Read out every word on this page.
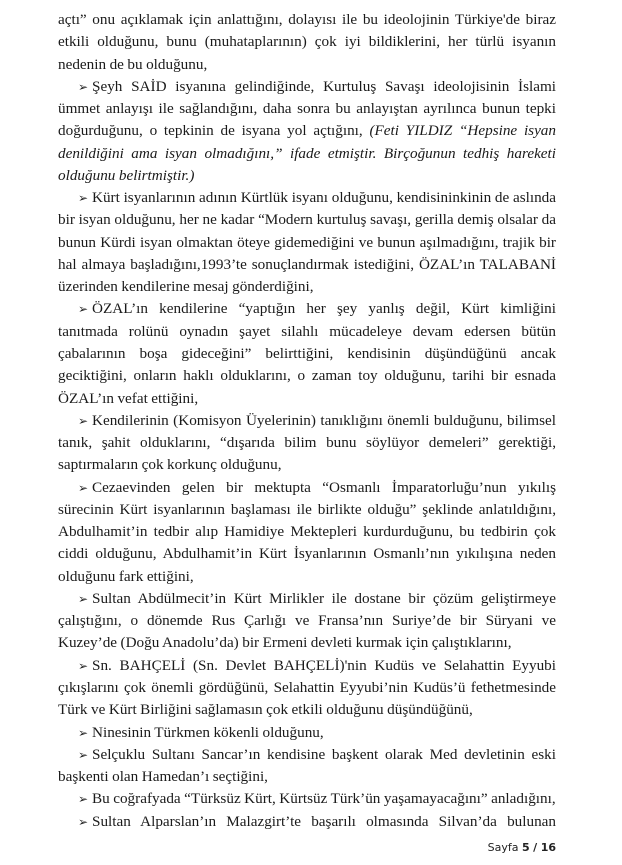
açtı” onu açıklamak için anlattığını, dolayısı ile bu ideolojinin Türkiye'de biraz etkili olduğunu, bunu (muhataplarının) çok iyi bildiklerini, her türlü isyanın nedenin de bu olduğunu,

➢ Şeyh SAİD isyanına gelindiğinde, Kurtuluş Savaşı ideolojisinin İslami ümmet anlayışı ile sağlandığını, daha sonra bu anlayıştan ayrılınca bunun tepki doğurduğunu, o tepkinin de isyana yol açtığını, (Feti YILDIZ “Hepsine isyan denildiğini ama isyan olmadığını,” ifade etmiştir. Birçoğunun tedhiş hareketi olduğunu belirtmiştir.)

➢ Kürt isyanlarının adının Kürtlük isyanı olduğunu, kendisininkinin de aslında bir isyan olduğunu, her ne kadar “Modern kurtuluş savaşı, gerilla demiş olsalar da bunun Kürdi isyan olmaktan öteye gidemediğini ve bunun aşılmadığını, trajik bir hal almaya başladığını,1993’te sonuçlandırmak istediğini, ÖZAL’ın TALABANİ üzerinden kendilerine mesaj gönderdiğini,

➢ ÖZAL’ın kendilerine “yaptığın her şey yanlış değil, Kürt kimliğini tanıtmada rolünü oynadın şayet silahlı mücadeleye devam edersen bütün çabalarının boşa gideceğini” belirttiğini, kendisinin düşündüğünü ancak geciktiğini, onların haklı olduklarını, o zaman toy olduğunu, tarihi bir esnada ÖZAL’ın vefat ettiğini,

➢ Kendilerinin (Komisyon Üyelerinin) tanıklığını önemli bulduğunu, bilimsel tanık, şahit olduklarını, “dışarıda bilim bunu söylüyor demeleri” gerektiği, saptırmaların çok korkunç olduğunu,

➢ Cezaevinden gelen bir mektupta “Osmanlı İmparatorluğu’nun yıkılış sürecinin Kürt isyanlarının başlaması ile birlikte olduğu” şeklinde anlatıldığını, Abdulhamit’in tedbir alıp Hamidiye Mektepleri kurdurduğunu, bu tedbirin çok ciddi olduğunu, Abdulhamit’in Kürt İsyanlarının Osmanlı’nın yıkılışına neden olduğunu fark ettiğini,

➢ Sultan Abdülmecit’in Kürt Mirlikler ile dostane bir çözüm geliştirmeye çalıştığını, o dönemde Rus Çarlığı ve Fransa’nın Suriye’de bir Süryani ve Kuzey’de (Doğu Anadolu’da) bir Ermeni devleti kurmak için çalıştıklarını,

➢ Sn. BAHÇELİ (Sn. Devlet BAHÇELİ)'nin Kudüs ve Selahattin Eyyubi çıkışlarını çok önemli gördüğünü, Selahattin Eyyubi’nin Kudüs’ü fethetmesinde Türk ve Kürt Birliğini sağlamasın çok etkili olduğunu düşündüğünü,

➢ Ninesinin Türkmen kökenli olduğunu,

➢ Selçuklu Sultanı Sancar’ın kendisine başkent olarak Med devletinin eski başkenti olan Hamedan’ı seçtiğini,

➢ Bu coğrafyada “Türksüz Kürt, Kürtsüz Türk’ün yaşamayacağını” anladığını,

➢ Sultan Alparslan’ın Malazgirt’te başarılı olmasında Silvan’da bulunan

Sayfa 5 / 16
